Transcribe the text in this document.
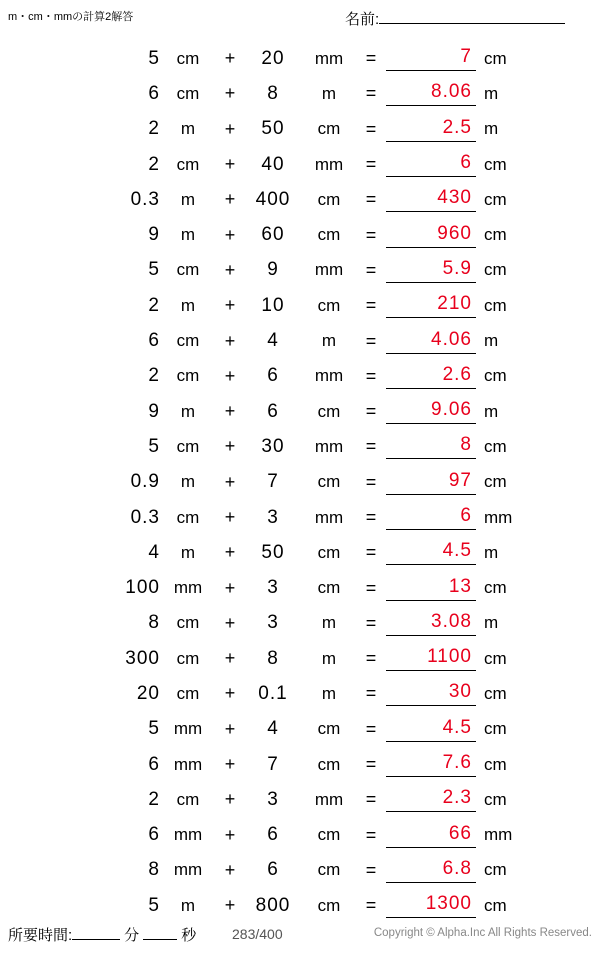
m・cm・mmの計算2解答	名前:
5 cm	+	20	mm	=	7 cm
6 cm	+	8	m	=	8.06 m
2	m	+	50	cm	=	2.5 m
2 cm	+	40	mm	=	6 cm
0.3	m	+	400	cm	=	430 cm
9	m	+	60	cm	=	960 cm
5 cm	+	9	mm	=	5.9 cm
2	m	+	10	cm	=	210 cm
6 cm	+	4	m	=	4.06 m
2 cm	+	6	mm	=	2.6 cm
9	m	+	6	cm	=	9.06 m
5 cm	+	30	mm	=	8 cm
0.9	m	+	7	cm	=	97 cm
0.3 cm	+	3	mm	=	6 mm
4	m	+	50	cm	=	4.5 m
100 mm	+	3	cm	=	13 cm
8 cm	+	3	m	=	3.08 m
300 cm	+	8	m	=	1100 cm
20 cm	+	0.1	m	=	30 cm
5 mm	+	4	cm	=	4.5 cm
6 mm	+	7	cm	=	7.6 cm
2 cm	+	3	mm	=	2.3 cm
6 mm	+	6	cm	=	66 mm
8 mm	+	6	cm	=	6.8 cm
5	m	+	800	cm	=	1300 cm
所要時間:	分	秒	283/400	Copyright © Alpha.Inc All Rights Reserved.
